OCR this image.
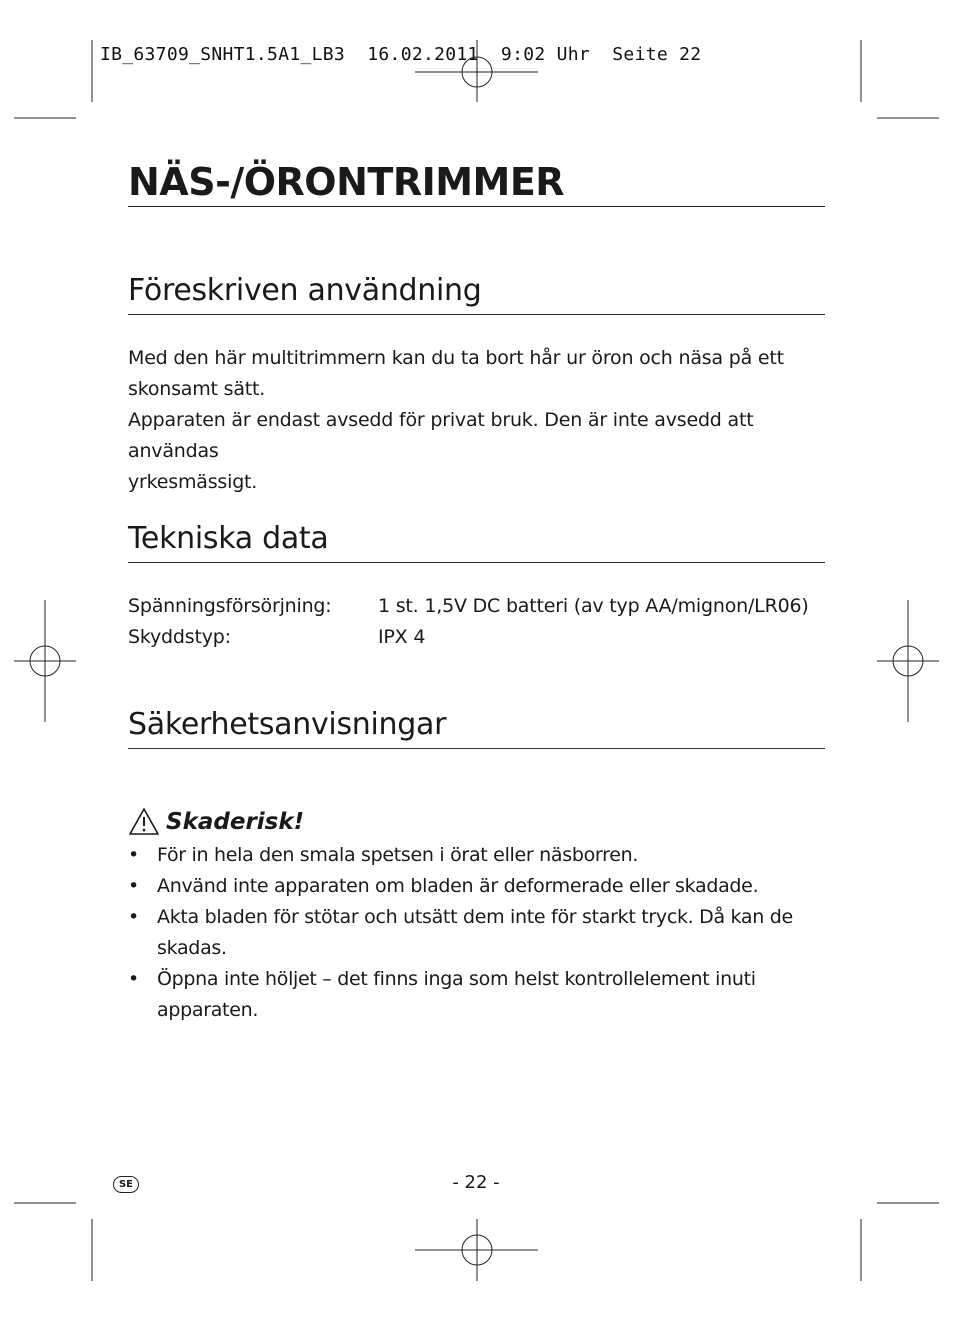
IB_63709_SNHT1.5A1_LB3  16.02.2011  9:02 Uhr  Seite 22
NÄS-/ÖRONTRIMMER
Föreskriven användning
Med den här multitrimmern kan du ta bort hår ur öron och näsa på ett
skonsamt sätt.
Apparaten är endast avsedd för privat bruk. Den är inte avsedd att användas
yrkesmässigt.
Tekniska data
Spänningsförsörjning: 1 st. 1,5V DC batteri (av typ AA/mignon/LR06)
Skyddstyp:	IPX 4
Säkerhetsanvisningar
Skaderisk!
• För in hela den smala spetsen i örat eller näsborren.
• Använd inte apparaten om bladen är deformerade eller skadade.
• Akta bladen för stötar och utsätt dem inte för starkt tryck. Då kan de
skadas.
• Öppna inte höljet – det finns inga som helst kontrollelement inuti apparaten.
SE	- 22 -
